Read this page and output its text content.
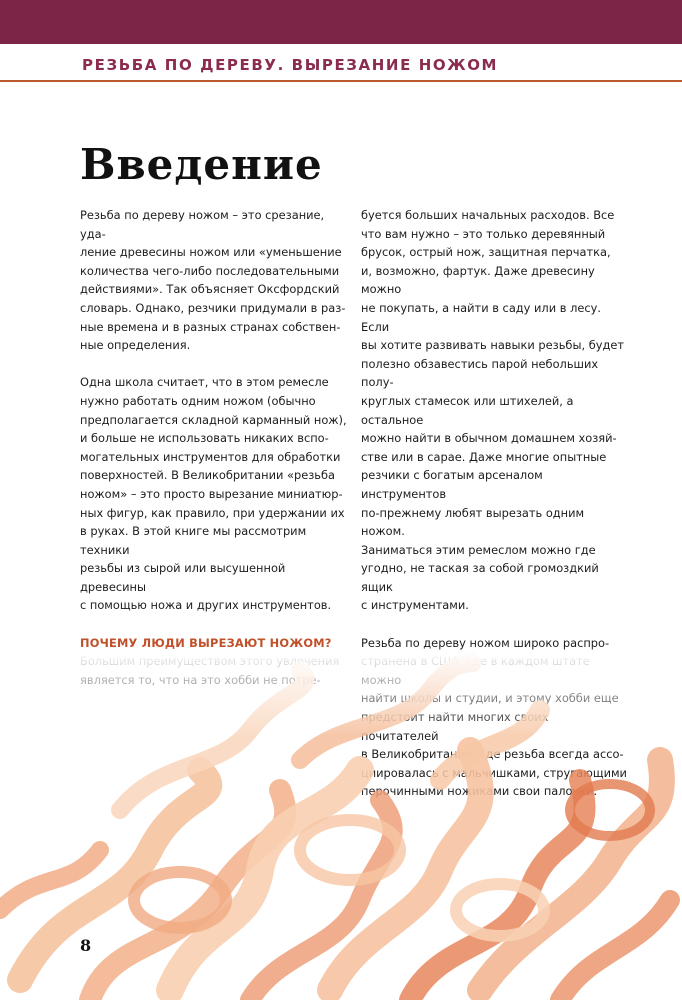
РЕЗЬБА ПО ДЕРЕВУ. ВЫРЕЗАНИЕ НОЖОМ
Введение

Резьба по дереву ножом – это срезание, уда-
ление древесины ножом или «уменьшение
количества чего-либо последовательными
действиями». Так объясняет Оксфордский
словарь. Однако, резчики придумали в раз-
ные времена и в разных странах собствен-
ные определения.

Одна школа считает, что в этом ремесле
нужно работать одним ножом (обычно
предполагается складной карманный нож),
и больше не использовать никаких вспо-
могательных инструментов для обработки
поверхностей. В Великобритании «резьба
ножом» – это просто вырезание миниатюр-
ных фигур, как правило, при удержании их
в руках. В этой книге мы рассмотрим техники
резьбы из сырой или высушенной древесины
с помощью ножа и других инструментов.

ПОЧЕМУ ЛЮДИ ВЫРЕЗАЮТ НОЖОМ?

буется больших начальных расходов. Все
что вам нужно – это только деревянный
брусок, острый нож, защитная перчатка,
и, возможно, фартук. Даже древесину можно
не покупать, а найти в саду или в лесу. Если
вы хотите развивать навыки резьбы, будет
полезно обзавестись парой небольших полу-
круглых стамесок или штихелей, а остальное
можно найти в обычном домашнем хозяй-
стве или в сарае. Даже многие опытные
резчики с богатым арсеналом инструментов
по-прежнему любят вырезать одним ножом.
Заниматься этим ремеслом можно где
угодно, не таская за собой громоздкий ящик
с инструментами.

Резьба по дереву ножом широко распро-

8
